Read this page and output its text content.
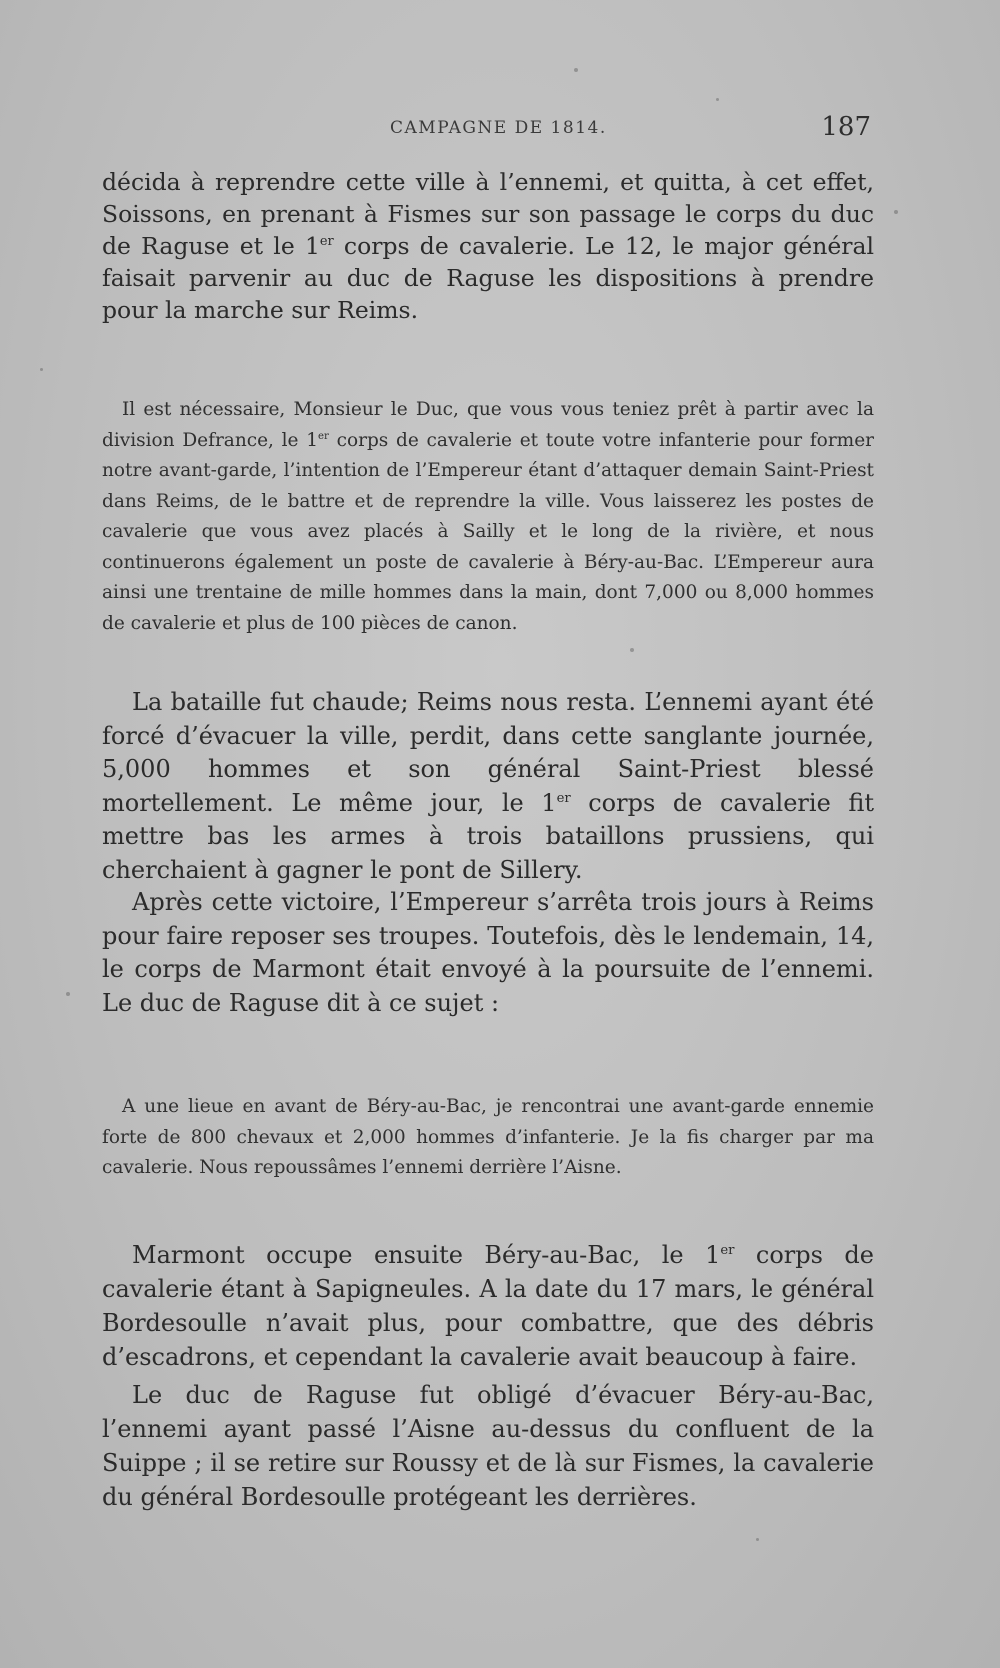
CAMPAGNE DE 1814.	187

décida à reprendre cette ville à l’ennemi, et quitta, à cet effet, Soissons, en prenant à Fismes sur son passage le corps du duc de Raguse et le 1er corps de cavalerie. Le 12, le major général faisait parvenir au duc de Raguse les dispositions à prendre pour la marche sur Reims.

Il est nécessaire, Monsieur le Duc, que vous vous teniez prêt à partir avec la division Defrance, le 1er corps de cavalerie et toute votre infanterie pour former notre avant-garde, l’intention de l’Empereur étant d’attaquer demain Saint-Priest dans Reims, de le battre et de reprendre la ville. Vous laisserez les postes de cavalerie que vous avez placés à Sailly et le long de la rivière, et nous continuerons également un poste de cavalerie à Béry-au-Bac. L’Empereur aura ainsi une trentaine de mille hommes dans la main, dont 7,000 ou 8,000 hommes de cavalerie et plus de 100 pièces de canon.

La bataille fut chaude; Reims nous resta. L’ennemi ayant été forcé d’évacuer la ville, perdit, dans cette sanglante journée, 5,000 hommes et son général Saint-Priest blessé mortellement. Le même jour, le 1er corps de cavalerie fit mettre bas les armes à trois bataillons prussiens, qui cherchaient à gagner le pont de Sillery.

Après cette victoire, l’Empereur s’arrêta trois jours à Reims pour faire reposer ses troupes. Toutefois, dès le lendemain, 14, le corps de Marmont était envoyé à la poursuite de l’ennemi. Le duc de Raguse dit à ce sujet :

A une lieue en avant de Béry-au-Bac, je rencontrai une avant-garde ennemie forte de 800 chevaux et 2,000 hommes d’infanterie. Je la fis charger par ma cavalerie. Nous repoussâmes l’ennemi derrière l’Aisne.

Marmont occupe ensuite Béry-au-Bac, le 1er corps de cavalerie étant à Sapigneules. A la date du 17 mars, le général Bordesoulle n’avait plus, pour combattre, que des débris d’escadrons, et cependant la cavalerie avait beaucoup à faire.

Le duc de Raguse fut obligé d’évacuer Béry-au-Bac, l’ennemi ayant passé l’Aisne au-dessus du confluent de la Suippe ; il se retire sur Roussy et de là sur Fismes, la cavalerie du général Bordesoulle protégeant les derrières.
